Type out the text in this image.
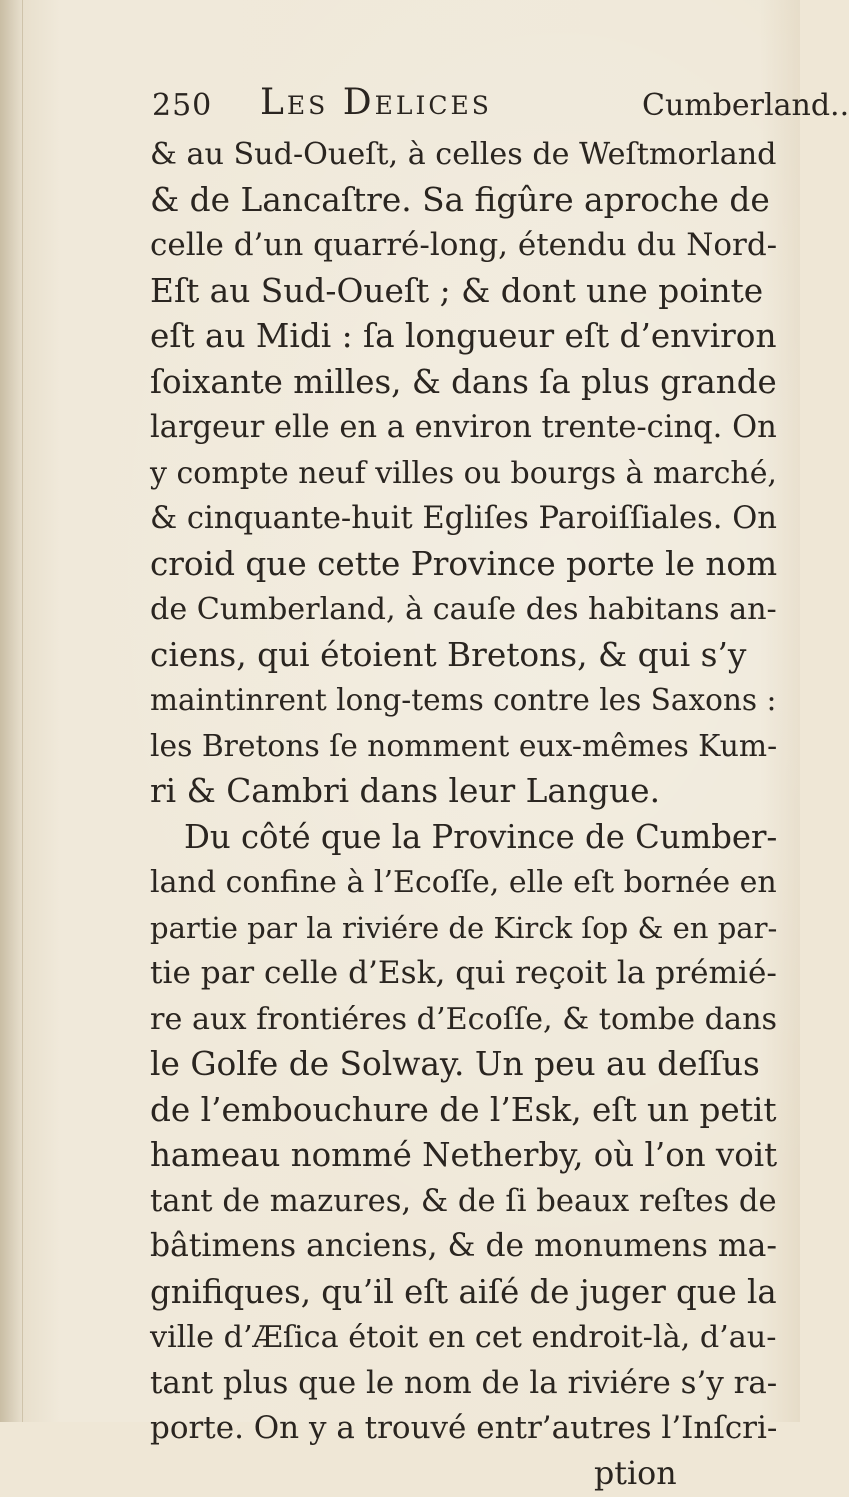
250 Les Delices	Cumberland..
& au Sud-Oueſt, à celles de Weſtmorland
& de Lancaſtre. Sa figûre aproche de
celle d’un quarré-long, étendu du Nord-
Eſt au Sud-Oueſt ; & dont une pointe
eſt au Midi : ſa longueur eſt d’environ
ſoixante milles, & dans ſa plus grande
largeur elle en a environ trente-cinq. On
y compte neuf villes ou bourgs à marché,
& cinquante-huit Egliſes Paroiſſiales. On
croid que cette Province porte le nom
de Cumberland, à cauſe des habitans an-
ciens, qui étoient Bretons, & qui s’y
maintinrent long-tems contre les Saxons :
les Bretons ſe nomment eux-mêmes Kum-
ri & Cambri dans leur Langue.
Du côté que la Province de Cumber-
land confine à l’Ecoſſe, elle eſt bornée en
partie par la riviére de Kirck ſop & en par-
tie par celle d’Esk, qui reçoit la prémié-
re aux frontiéres d’Ecoſſe, & tombe dans
le Golfe de Solway. Un peu au deſſus
de l’embouchure de l’Esk, eſt un petit
hameau nommé Netherby, où l’on voit
tant de mazures, & de ſi beaux reſtes de
bâtimens anciens, & de monumens ma-
gnifiques, qu’il eſt aiſé de juger que la
ville d’Æſica étoit en cet endroit-là, d’au-
tant plus que le nom de la riviére s’y ra-
porte. On y a trouvé entr’autres l’Inſcri-
ption
